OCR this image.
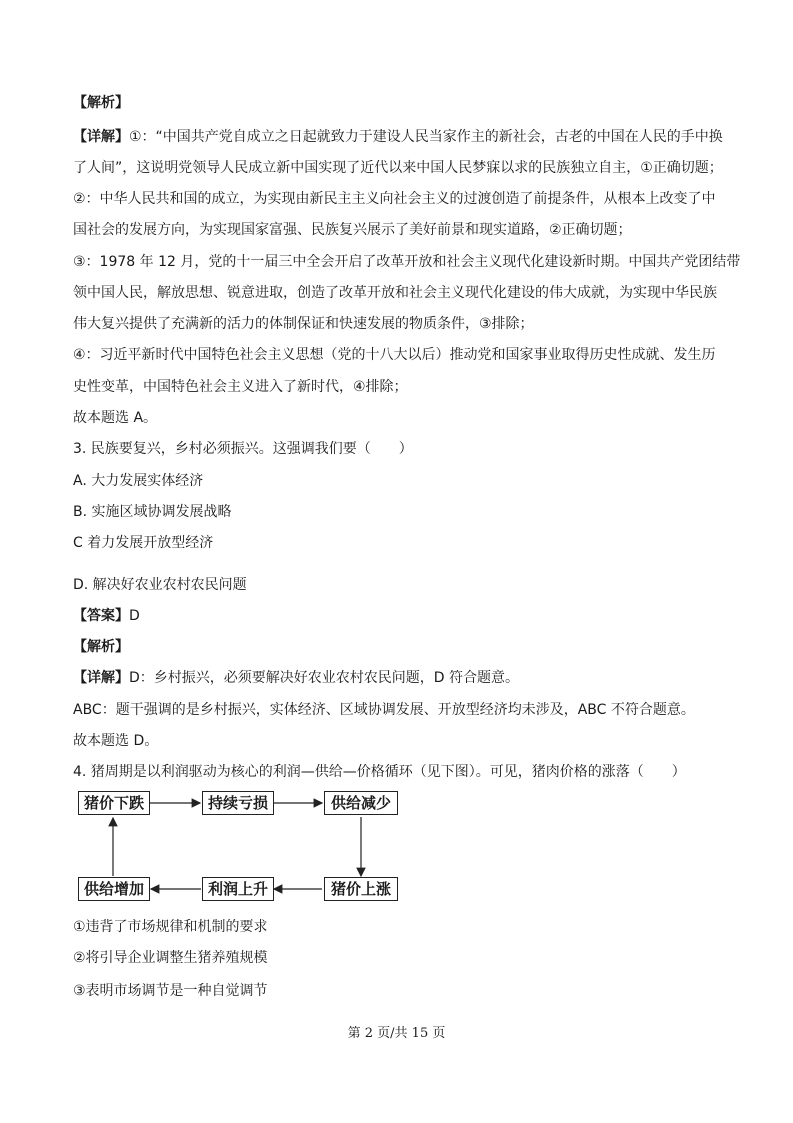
【解析】
【详解】①：“中国共产党自成立之日起就致力于建设人民当家作主的新社会，古老的中国在人民的手中换
了人间”，这说明党领导人民成立新中国实现了近代以来中国人民梦寐以求的民族独立自主，①正确切题；
②：中华人民共和国的成立，为实现由新民主主义向社会主义的过渡创造了前提条件，从根本上改变了中
国社会的发展方向，为实现国家富强、民族复兴展示了美好前景和现实道路，②正确切题；
③：1978 年 12 月，党的十一届三中全会开启了改革开放和社会主义现代化建设新时期。中国共产党团结带
领中国人民，解放思想、锐意进取，创造了改革开放和社会主义现代化建设的伟大成就，为实现中华民族
伟大复兴提供了充满新的活力的体制保证和快速发展的物质条件，③排除；
④：习近平新时代中国特色社会主义思想（党的十八大以后）推动党和国家事业取得历史性成就、发生历
史性变革，中国特色社会主义进入了新时代，④排除；
故本题选 A。
3. 民族要复兴，乡村必须振兴。这强调我们要（　　）
A. 大力发展实体经济
B. 实施区域协调发展战略
C 着力发展开放型经济
D. 解决好农业农村农民问题
【答案】D
【解析】
【详解】D：乡村振兴，必须要解决好农业农村农民问题，D 符合题意。
ABC：题干强调的是乡村振兴，实体经济、区域协调发展、开放型经济均未涉及，ABC 不符合题意。
故本题选 D。
4. 猪周期是以利润驱动为核心的利润—供给—价格循环（见下图）。可见，猪肉价格的涨落（　　）
猪价下跌	持续亏损	供给减少
猪价上涨
利润上升
供给增加
①违背了市场规律和机制的要求
②将引导企业调整生猪养殖规模
③表明市场调节是一种自觉调节
第 2 页/共 15 页
